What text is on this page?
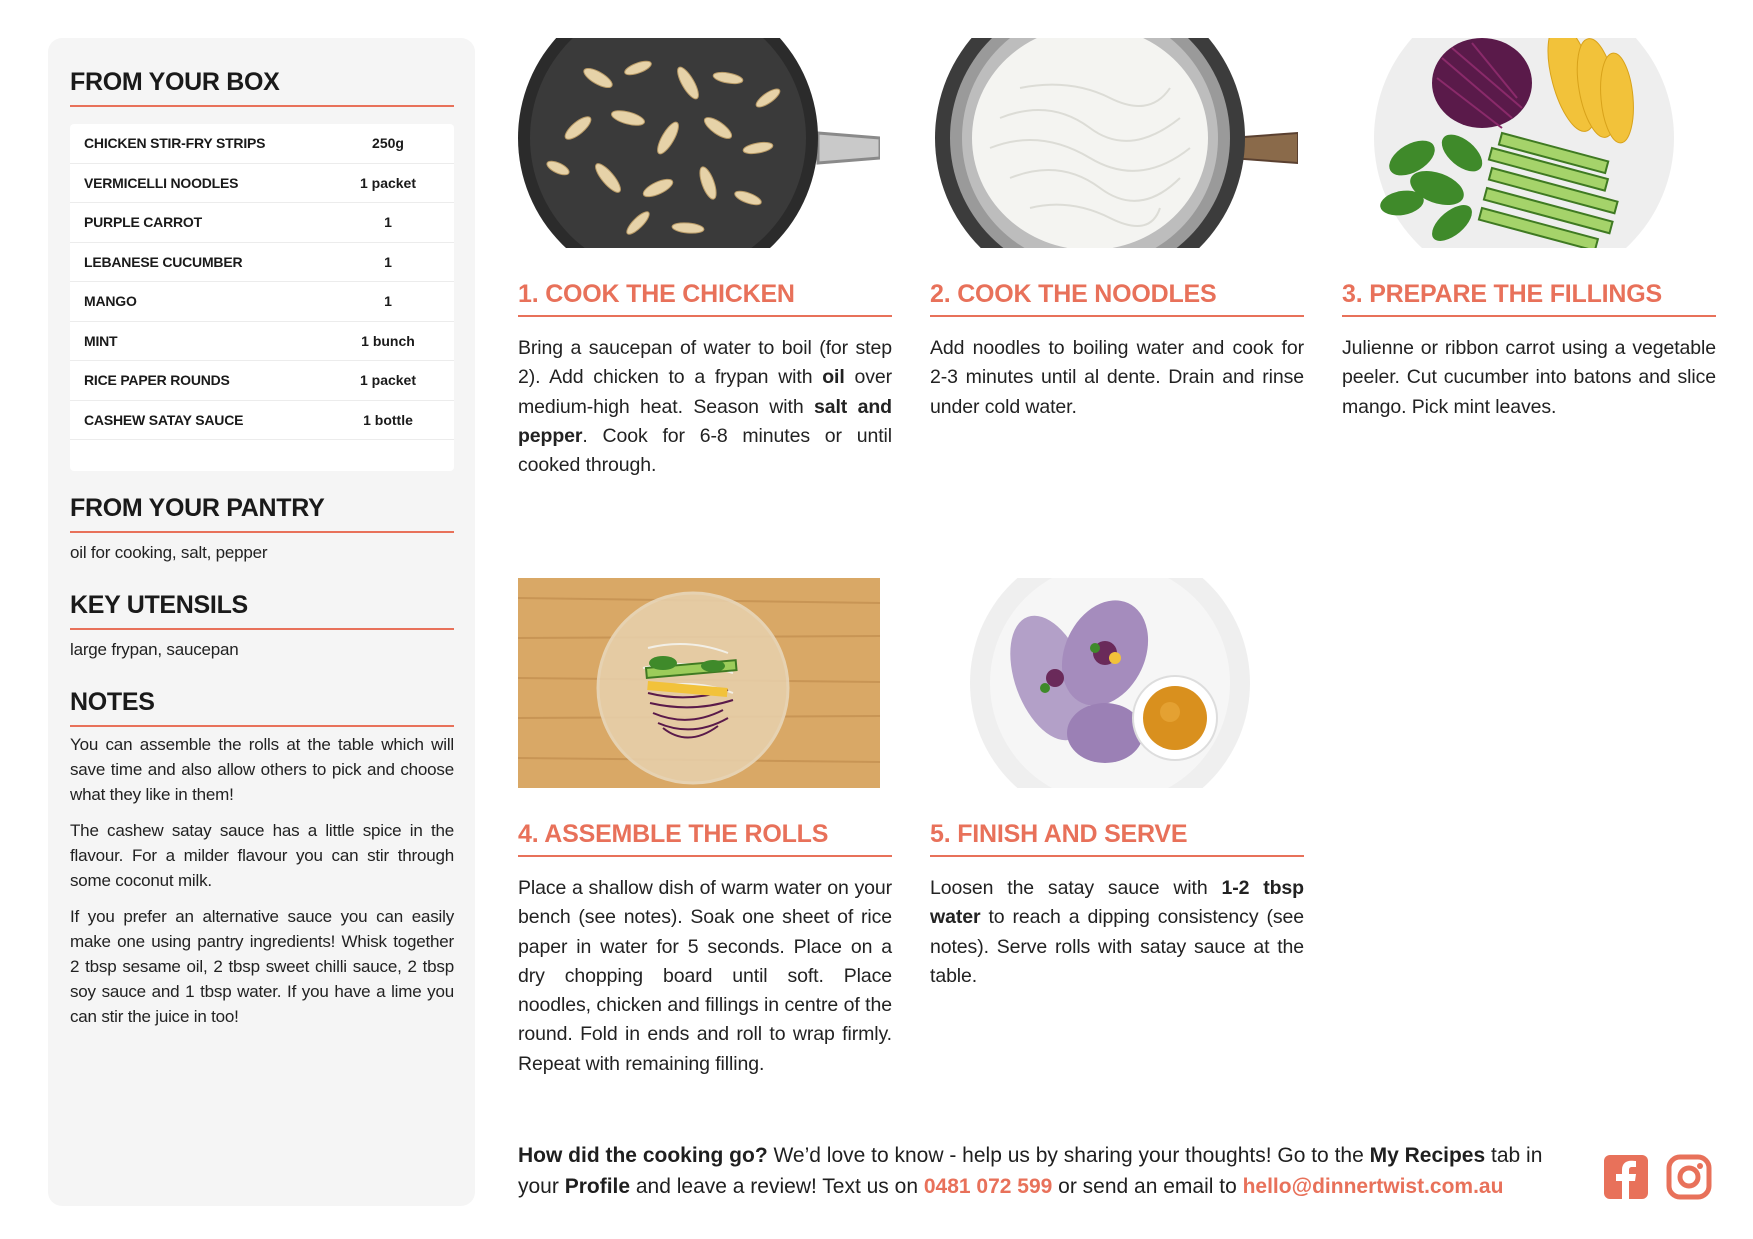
FROM YOUR BOX
CHICKEN STIR-FRY STRIPS	250g
VERMICELLI NOODLES	1 packet
PURPLE CARROT	1
LEBANESE CUCUMBER	1
MANGO	1
MINT	1 bunch
RICE PAPER ROUNDS	1 packet
CASHEW SATAY SAUCE	1 bottle
FROM YOUR PANTRY
oil for cooking, salt, pepper
KEY UTENSILS
large frypan, saucepan
NOTES

You can assemble the rolls at the table which will save time and also allow others to pick and choose what they like in them!

The cashew satay sauce has a little spice in the flavour. For a milder flavour you can stir through some coconut milk.

If you prefer an alternative sauce you can easily make one using pantry ingredients! Whisk together 2 tbsp sesame oil, 2 tbsp sweet chilli sauce, 2 tbsp soy sauce and 1 tbsp water. If you have a lime you can stir the juice in too!

1. COOK THE CHICKEN
Bring a saucepan of water to boil (for step 2). Add chicken to a frypan with oil over medium-high heat. Season with salt and pepper. Cook for 6-8 minutes or until cooked through.
2. COOK THE NOODLES
Add noodles to boiling water and cook for 2-3 minutes until al dente. Drain and rinse under cold water.
3. PREPARE THE FILLINGS
Julienne or ribbon carrot using a vegetable peeler. Cut cucumber into batons and slice mango. Pick mint leaves.
4. ASSEMBLE THE ROLLS
Place a shallow dish of warm water on your bench (see notes). Soak one sheet of rice paper in water for 5 seconds. Place on a dry chopping board until soft. Place noodles, chicken and fillings in centre of the round. Fold in ends and roll to wrap firmly. Repeat with remaining filling.
5. FINISH AND SERVE
Loosen the satay sauce with 1-2 tbsp water to reach a dipping consistency (see notes). Serve rolls with satay sauce at the table.
How did the cooking go? We’d love to know - help us by sharing your thoughts! Go to the My Recipes tab in your Profile and leave a review! Text us on 0481 072 599 or send an email to hello@dinnertwist.com.au
